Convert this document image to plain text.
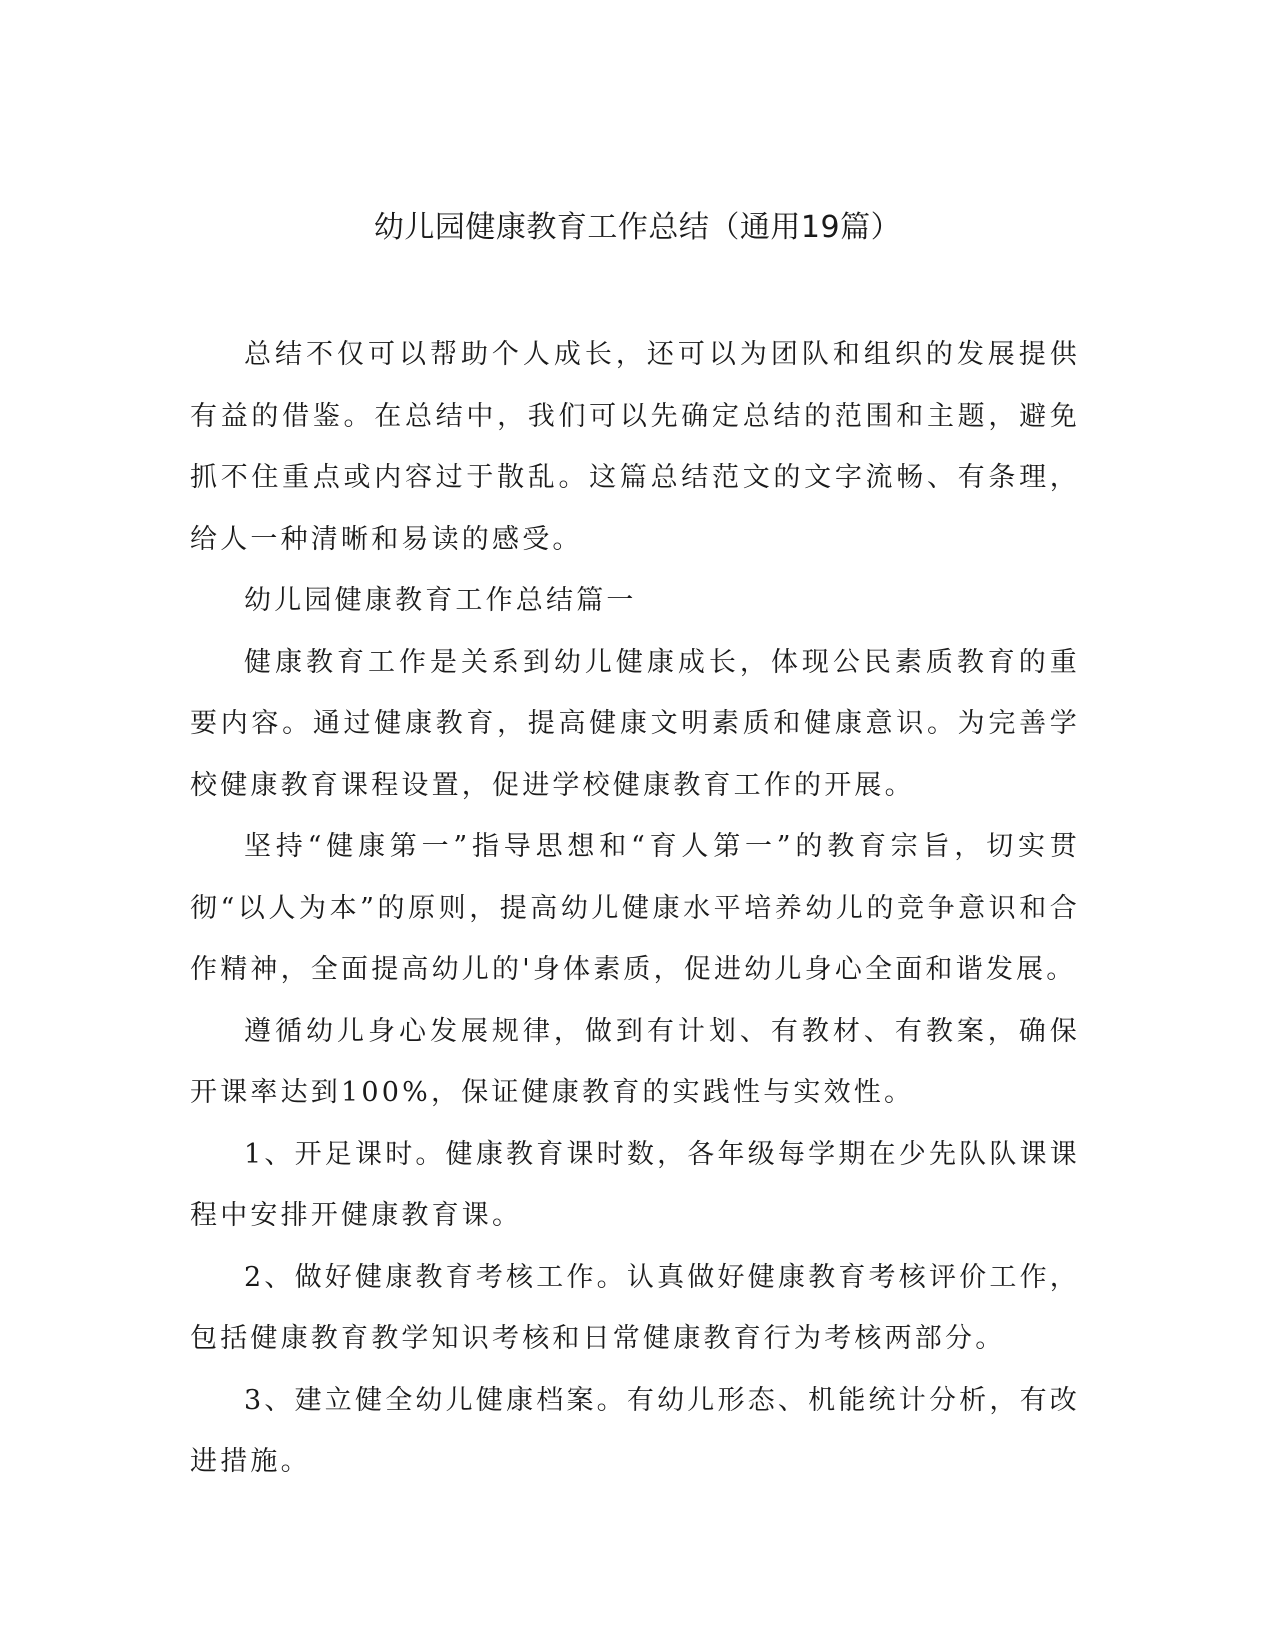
幼儿园健康教育工作总结（通用19篇）

总结不仅可以帮助个人成长，还可以为团队和组织的发展提供有益的借鉴。在总结中，我们可以先确定总结的范围和主题，避免抓不住重点或内容过于散乱。这篇总结范文的文字流畅、有条理，给人一种清晰和易读的感受。

幼儿园健康教育工作总结篇一

健康教育工作是关系到幼儿健康成长，体现公民素质教育的重要内容。通过健康教育，提高健康文明素质和健康意识。为完善学校健康教育课程设置，促进学校健康教育工作的开展。

坚持“健康第一”指导思想和“育人第一”的教育宗旨，切实贯彻“以人为本”的原则，提高幼儿健康水平培养幼儿的竞争意识和合作精神，全面提高幼儿的'身体素质，促进幼儿身心全面和谐发展。

遵循幼儿身心发展规律，做到有计划、有教材、有教案，确保开课率达到100%，保证健康教育的实践性与实效性。

1、开足课时。健康教育课时数，各年级每学期在少先队队课课程中安排开健康教育课。

2、做好健康教育考核工作。认真做好健康教育考核评价工作，包括健康教育教学知识考核和日常健康教育行为考核两部分。

3、建立健全幼儿健康档案。有幼儿形态、机能统计分析，有改进措施。
